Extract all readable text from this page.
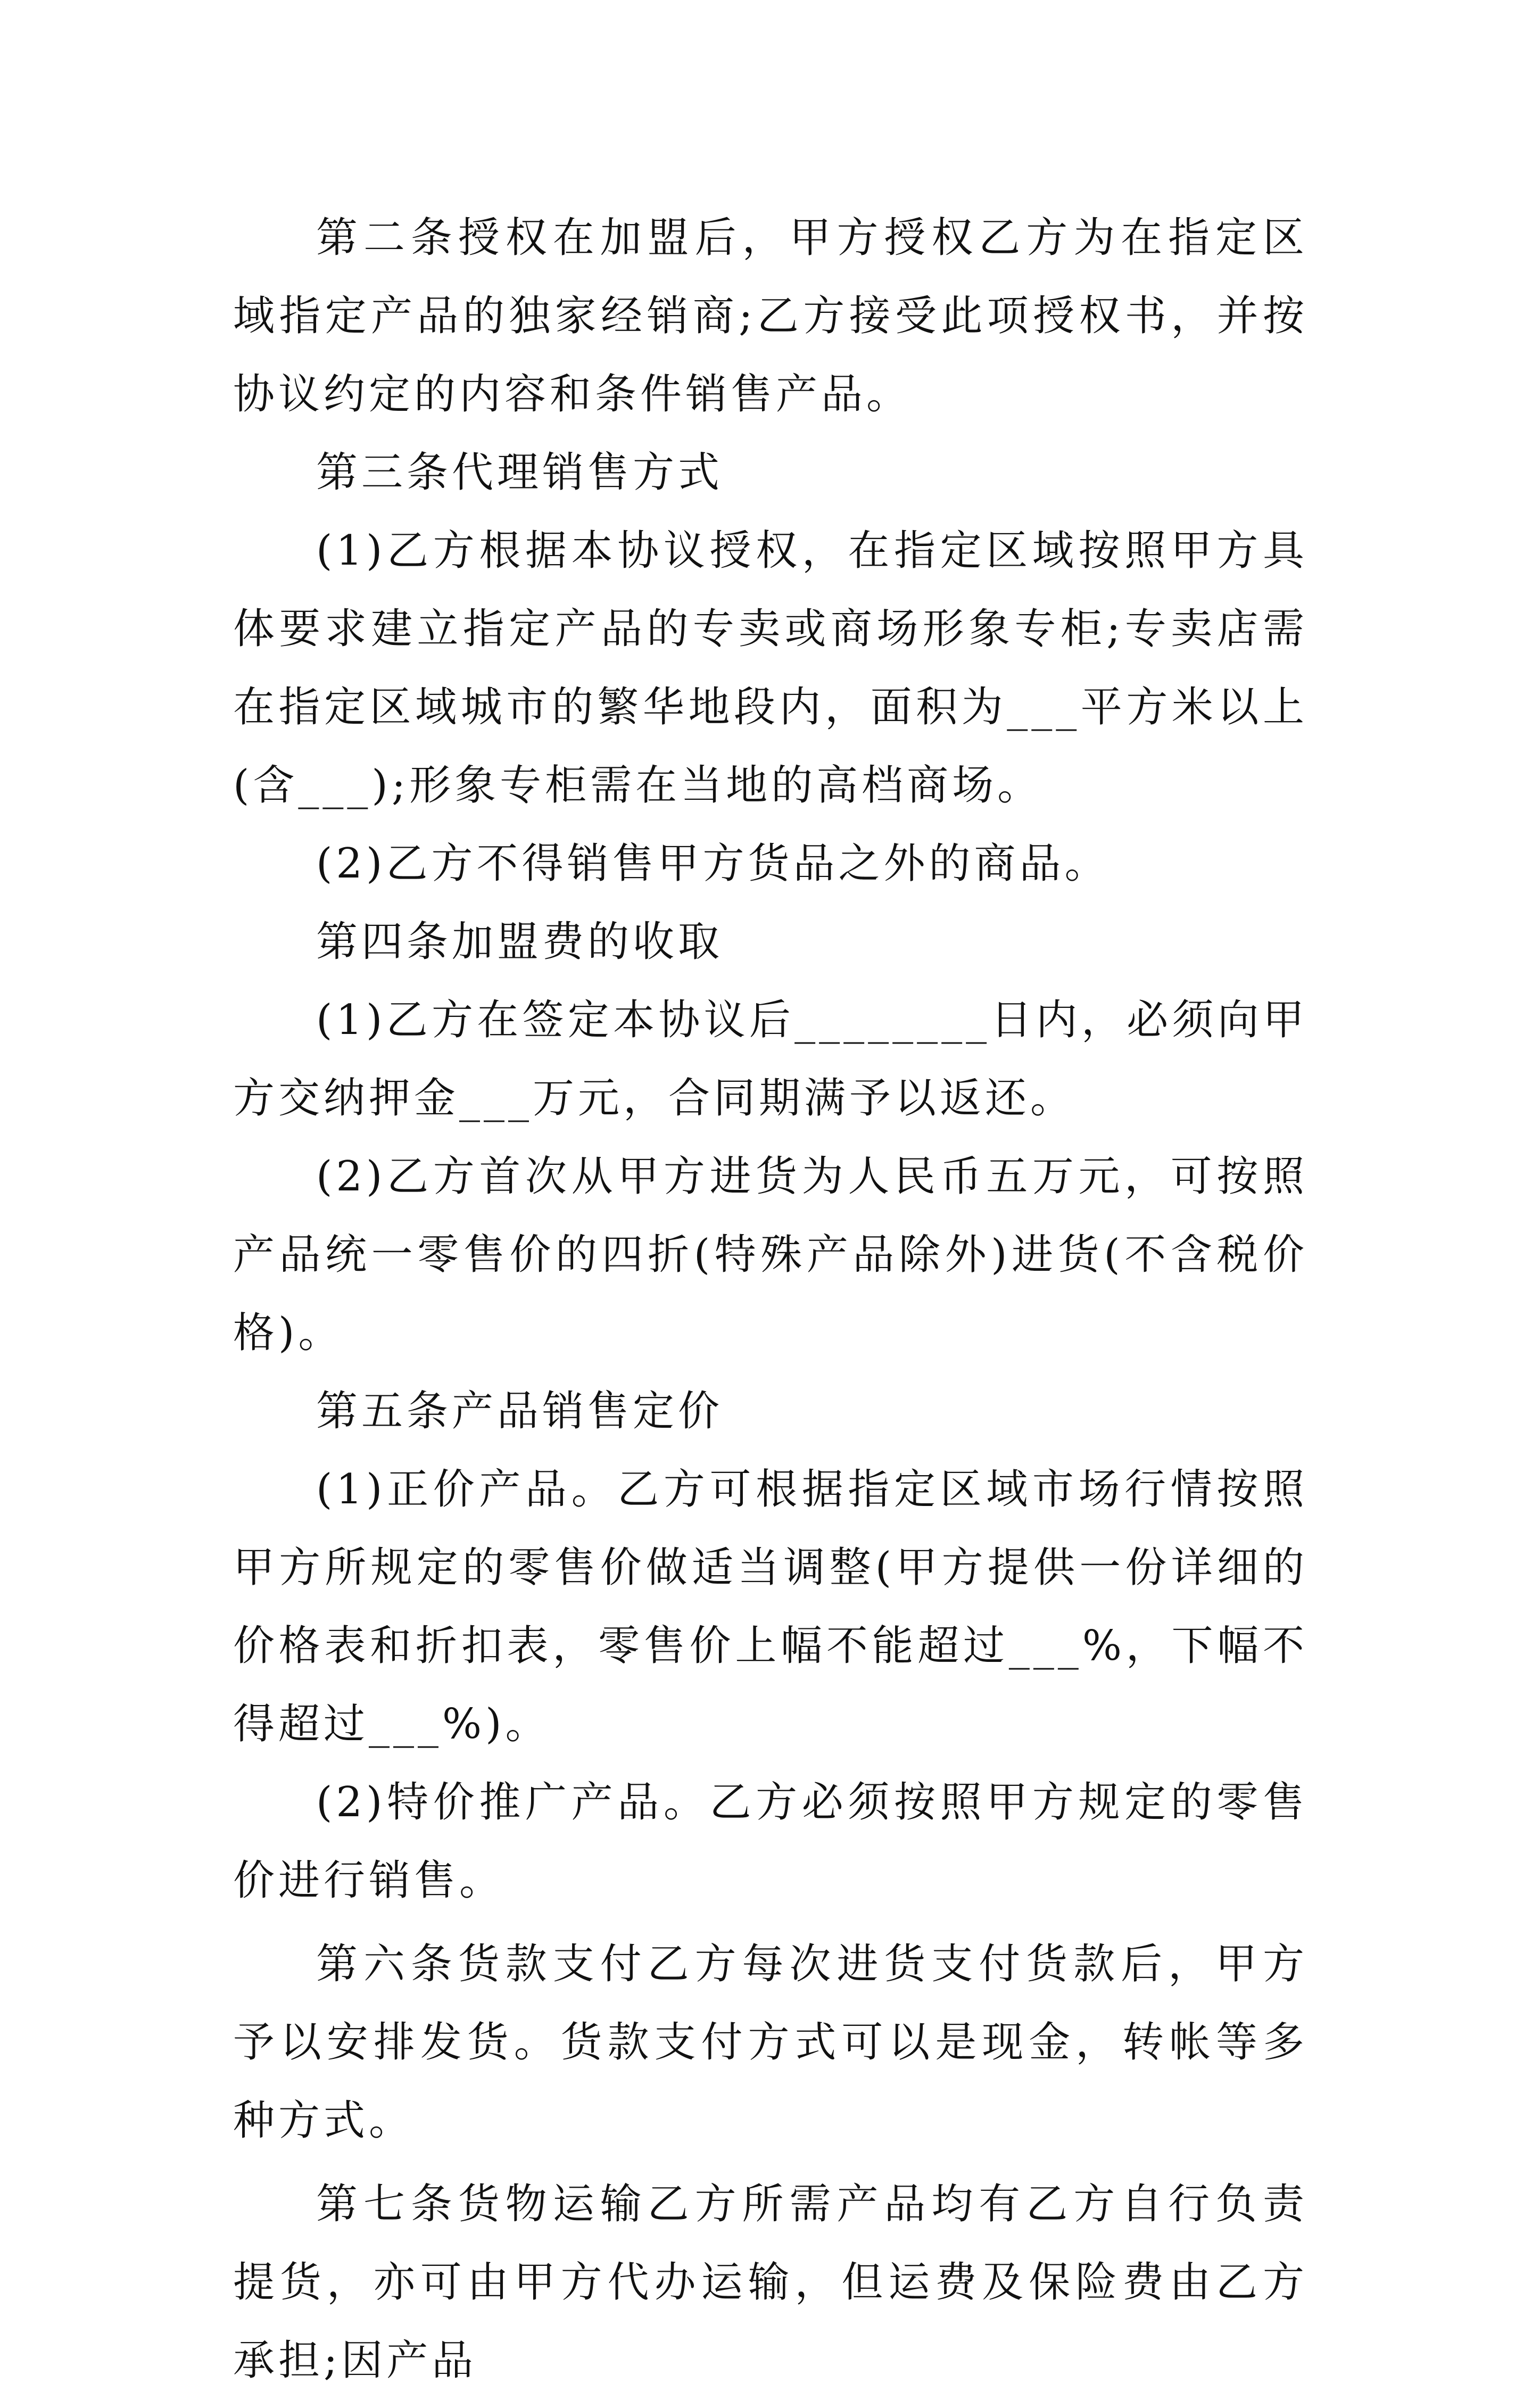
第二条授权在加盟后，甲方授权乙方为在指定区域指定产品的独家经销商;乙方接受此项授权书，并按协议约定的内容和条件销售产品。

第三条代理销售方式

(1)乙方根据本协议授权，在指定区域按照甲方具体要求建立指定产品的专卖或商场形象专柜;专卖店需在指定区域城市的繁华地段内，面积为___平方米以上(含___);形象专柜需在当地的高档商场。

(2)乙方不得销售甲方货品之外的商品。

第四条加盟费的收取

(1)乙方在签定本协议后________日内，必须向甲方交纳押金___万元，合同期满予以返还。

(2)乙方首次从甲方进货为人民币五万元，可按照产品统一零售价的四折(特殊产品除外)进货(不含税价格)。

第五条产品销售定价

(1)正价产品。乙方可根据指定区域市场行情按照甲方所规定的零售价做适当调整(甲方提供一份详细的价格表和折扣表，零售价上幅不能超过___%，下幅不得超过___%)。

(2)特价推广产品。乙方必须按照甲方规定的零售价进行销售。

第六条货款支付乙方每次进货支付货款后，甲方予以安排发货。货款支付方式可以是现金，转帐等多种方式。

第七条货物运输乙方所需产品均有乙方自行负责提货，亦可由甲方代办运输，但运费及保险费由乙方承担;因产品
